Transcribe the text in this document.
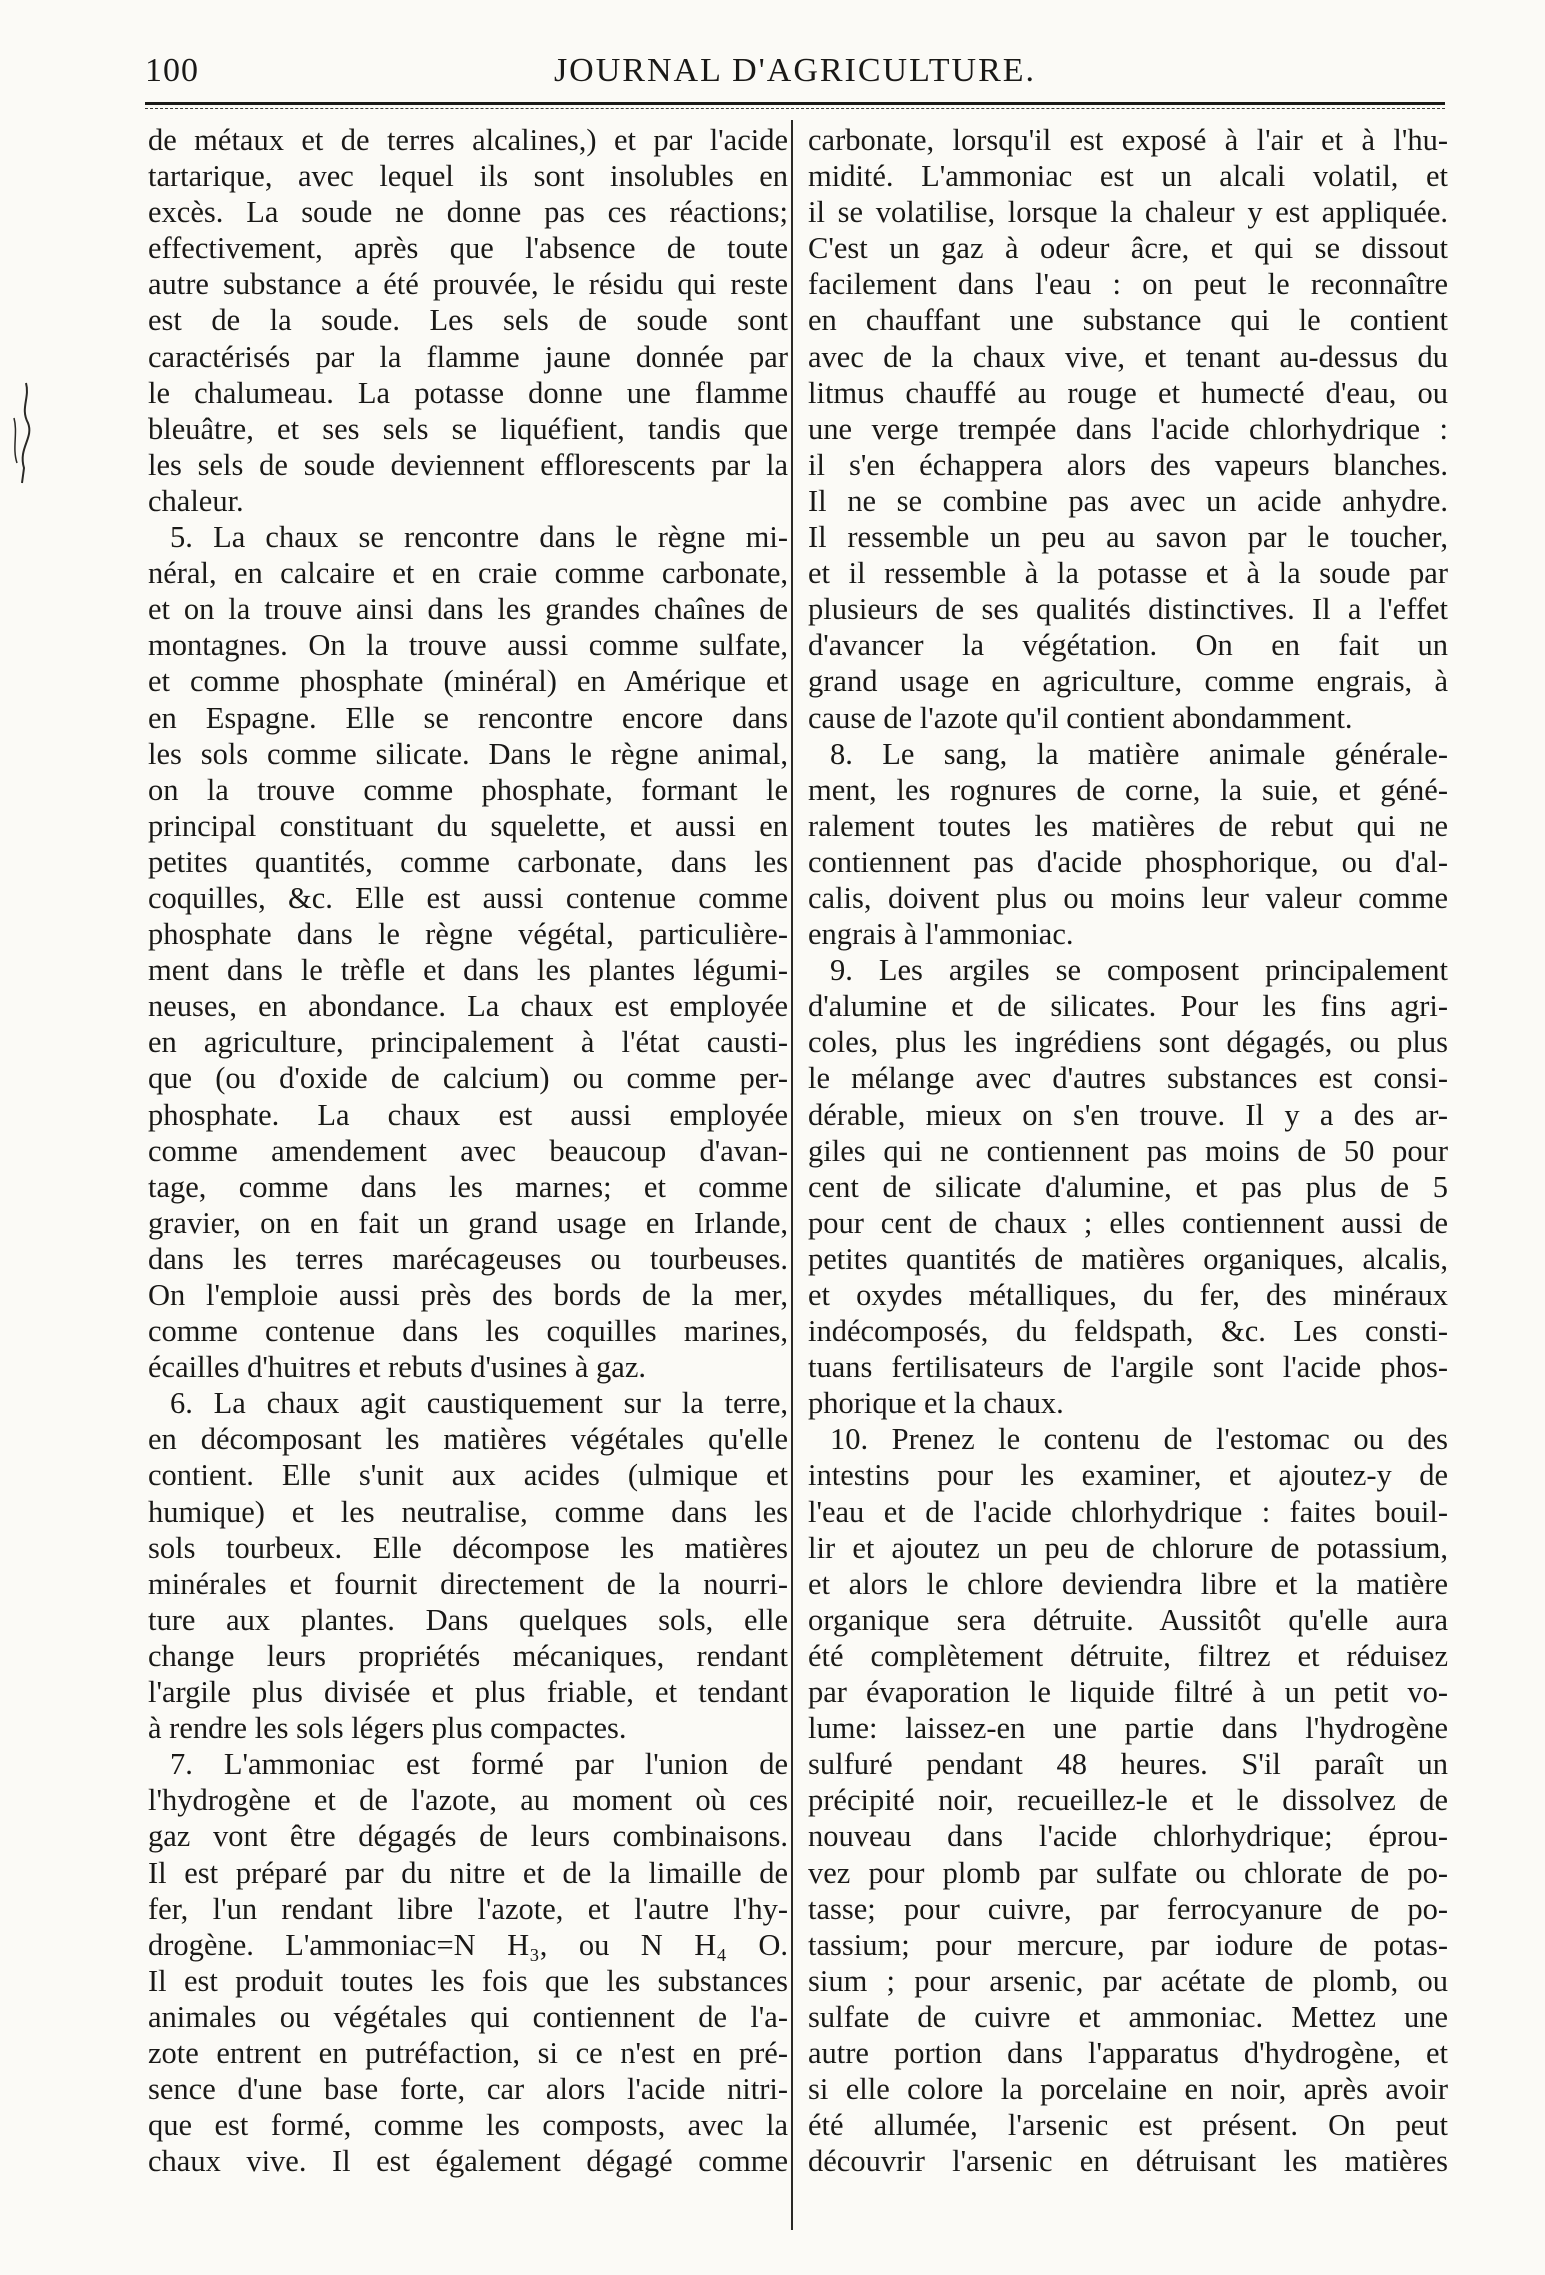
100	JOURNAL D'AGRICULTURE.
de métaux et de terres alcalines,) et par l'acide
tartarique, avec lequel ils sont insolubles en
excès. La soude ne donne pas ces réactions;
effectivement, après que l'absence de toute
autre substance a été prouvée, le résidu qui reste
est de la soude. Les sels de soude sont
caractérisés par la flamme jaune donnée par
le chalumeau. La potasse donne une flamme
bleuâtre, et ses sels se liquéfient, tandis que
les sels de soude deviennent efflorescents par la
chaleur.
5. La chaux se rencontre dans le règne mi-
néral, en calcaire et en craie comme carbonate,
et on la trouve ainsi dans les grandes chaînes de
montagnes. On la trouve aussi comme sulfate,
et comme phosphate (minéral) en Amérique et
en Espagne. Elle se rencontre encore dans
les sols comme silicate. Dans le règne animal,
on la trouve comme phosphate, formant le
principal constituant du squelette, et aussi en
petites quantités, comme carbonate, dans les
coquilles, &c. Elle est aussi contenue comme
phosphate dans le règne végétal, particulière-
ment dans le trèfle et dans les plantes légumi-
neuses, en abondance. La chaux est employée
en agriculture, principalement à l'état causti-
que (ou d'oxide de calcium) ou comme per-
phosphate. La chaux est aussi employée
comme amendement avec beaucoup d'avan-
tage, comme dans les marnes; et comme
gravier, on en fait un grand usage en Irlande,
dans les terres marécageuses ou tourbeuses.
On l'emploie aussi près des bords de la mer,
comme contenue dans les coquilles marines,
écailles d'huitres et rebuts d'usines à gaz.
6. La chaux agit caustiquement sur la terre,
en décomposant les matières végétales qu'elle
contient. Elle s'unit aux acides (ulmique et
humique) et les neutralise, comme dans les
sols tourbeux. Elle décompose les matières
minérales et fournit directement de la nourri-
ture aux plantes. Dans quelques sols, elle
change leurs propriétés mécaniques, rendant
l'argile plus divisée et plus friable, et tendant
à rendre les sols légers plus compactes.
7. L'ammoniac est formé par l'union de
l'hydrogène et de l'azote, au moment où ces
gaz vont être dégagés de leurs combinaisons.
Il est préparé par du nitre et de la limaille de
fer, l'un rendant libre l'azote, et l'autre l'hy-
drogène. L'ammoniac=N H₃, ou N H₄ O.
Il est produit toutes les fois que les substances
animales ou végétales qui contiennent de l'a-
zote entrent en putréfaction, si ce n'est en pré-
sence d'une base forte, car alors l'acide nitri-
que est formé, comme les composts, avec la
chaux vive. Il est également dégagé comme
carbonate, lorsqu'il est exposé à l'air et à l'hu-
midité. L'ammoniac est un alcali volatil, et
il se volatilise, lorsque la chaleur y est appliquée.
C'est un gaz à odeur âcre, et qui se dissout
facilement dans l'eau : on peut le reconnaître
en chauffant une substance qui le contient
avec de la chaux vive, et tenant au-dessus du
litmus chauffé au rouge et humecté d'eau, ou
une verge trempée dans l'acide chlorhydrique :
il s'en échappera alors des vapeurs blanches.
Il ne se combine pas avec un acide anhydre.
Il ressemble un peu au savon par le toucher,
et il ressemble à la potasse et à la soude par
plusieurs de ses qualités distinctives. Il a l'effet
d'avancer la végétation. On en fait un
grand usage en agriculture, comme engrais, à
cause de l'azote qu'il contient abondamment.
8. Le sang, la matière animale générale-
ment, les rognures de corne, la suie, et géné-
ralement toutes les matières de rebut qui ne
contiennent pas d'acide phosphorique, ou d'al-
calis, doivent plus ou moins leur valeur comme
engrais à l'ammoniac.
9. Les argiles se composent principalement
d'alumine et de silicates. Pour les fins agri-
coles, plus les ingrédiens sont dégagés, ou plus
le mélange avec d'autres substances est consi-
dérable, mieux on s'en trouve. Il y a des ar-
giles qui ne contiennent pas moins de 50 pour
cent de silicate d'alumine, et pas plus de 5
pour cent de chaux ; elles contiennent aussi de
petites quantités de matières organiques, alcalis,
et oxydes métalliques, du fer, des minéraux
indécomposés, du feldspath, &c. Les consti-
tuans fertilisateurs de l'argile sont l'acide phos-
phorique et la chaux.
10. Prenez le contenu de l'estomac ou des
intestins pour les examiner, et ajoutez-y de
l'eau et de l'acide chlorhydrique : faites bouil-
lir et ajoutez un peu de chlorure de potassium,
et alors le chlore deviendra libre et la matière
organique sera détruite. Aussitôt qu'elle aura
été complètement détruite, filtrez et réduisez
par évaporation le liquide filtré à un petit vo-
lume: laissez-en une partie dans l'hydrogène
sulfuré pendant 48 heures. S'il paraît un
précipité noir, recueillez-le et le dissolvez de
nouveau dans l'acide chlorhydrique; éprou-
vez pour plomb par sulfate ou chlorate de po-
tasse; pour cuivre, par ferrocyanure de po-
tassium; pour mercure, par iodure de potas-
sium ; pour arsenic, par acétate de plomb, ou
sulfate de cuivre et ammoniac. Mettez une
autre portion dans l'apparatus d'hydrogène, et
si elle colore la porcelaine en noir, après avoir
été allumée, l'arsenic est présent. On peut
découvrir l'arsenic en détruisant les matières
